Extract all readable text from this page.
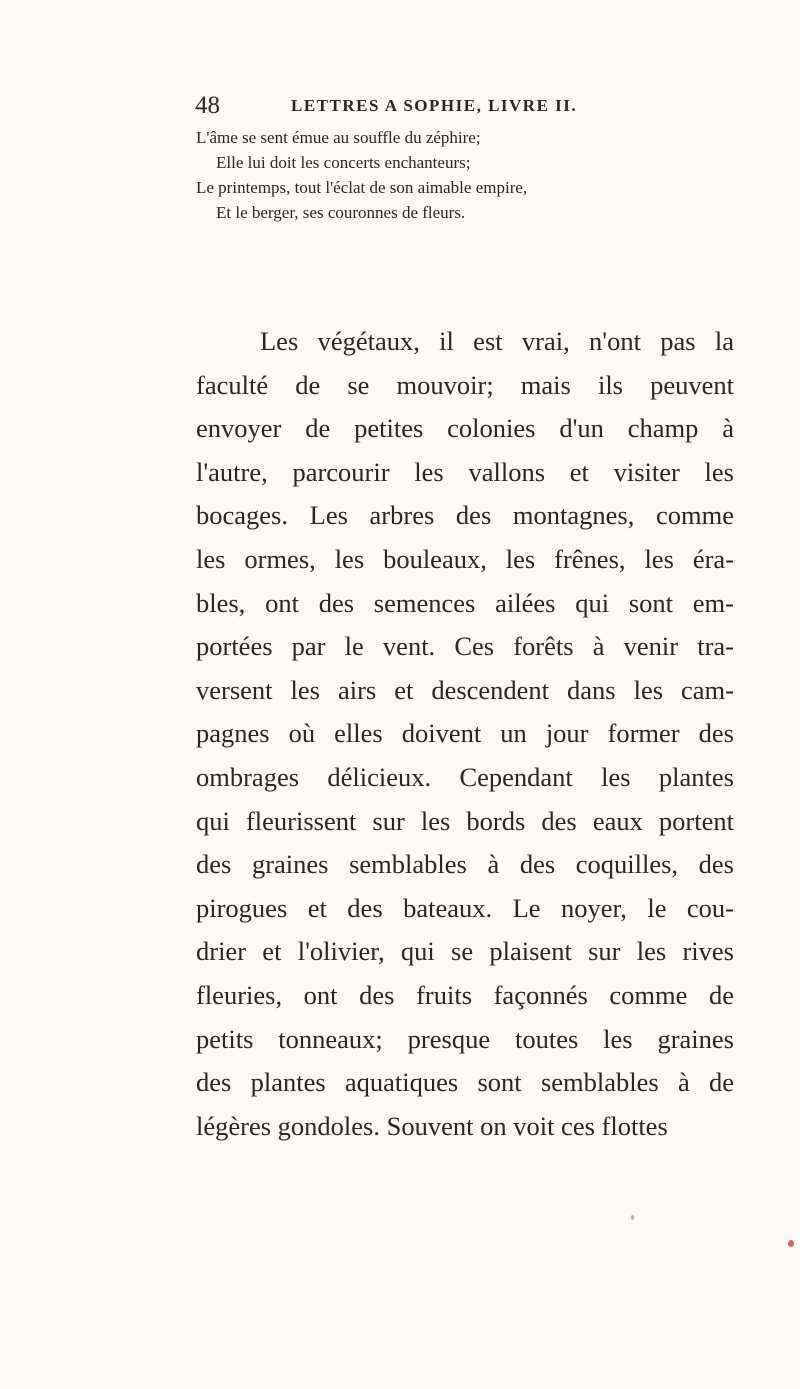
48	LETTRES A SOPHIE, LIVRE II.
L'âme se sent émue au souffle du zéphire;
Elle lui doit les concerts enchanteurs;
Le printemps, tout l'éclat de son aimable empire,
Et le berger, ses couronnes de fleurs.
Les végétaux, il est vrai, n'ont pas la
faculté de se mouvoir; mais ils peuvent
envoyer de petites colonies d'un champ à
l'autre, parcourir les vallons et visiter les
bocages. Les arbres des montagnes, comme
les ormes, les bouleaux, les frênes, les éra-
bles, ont des semences ailées qui sont em-
portées par le vent. Ces forêts à venir tra-
versent les airs et descendent dans les cam-
pagnes où elles doivent un jour former des
ombrages délicieux. Cependant les plantes
qui fleurissent sur les bords des eaux portent
des graines semblables à des coquilles, des
pirogues et des bateaux. Le noyer, le cou-
drier et l'olivier, qui se plaisent sur les rives
fleuries, ont des fruits façonnés comme de
petits tonneaux; presque toutes les graines
des plantes aquatiques sont semblables à de
légères gondoles. Souvent on voit ces flottes
